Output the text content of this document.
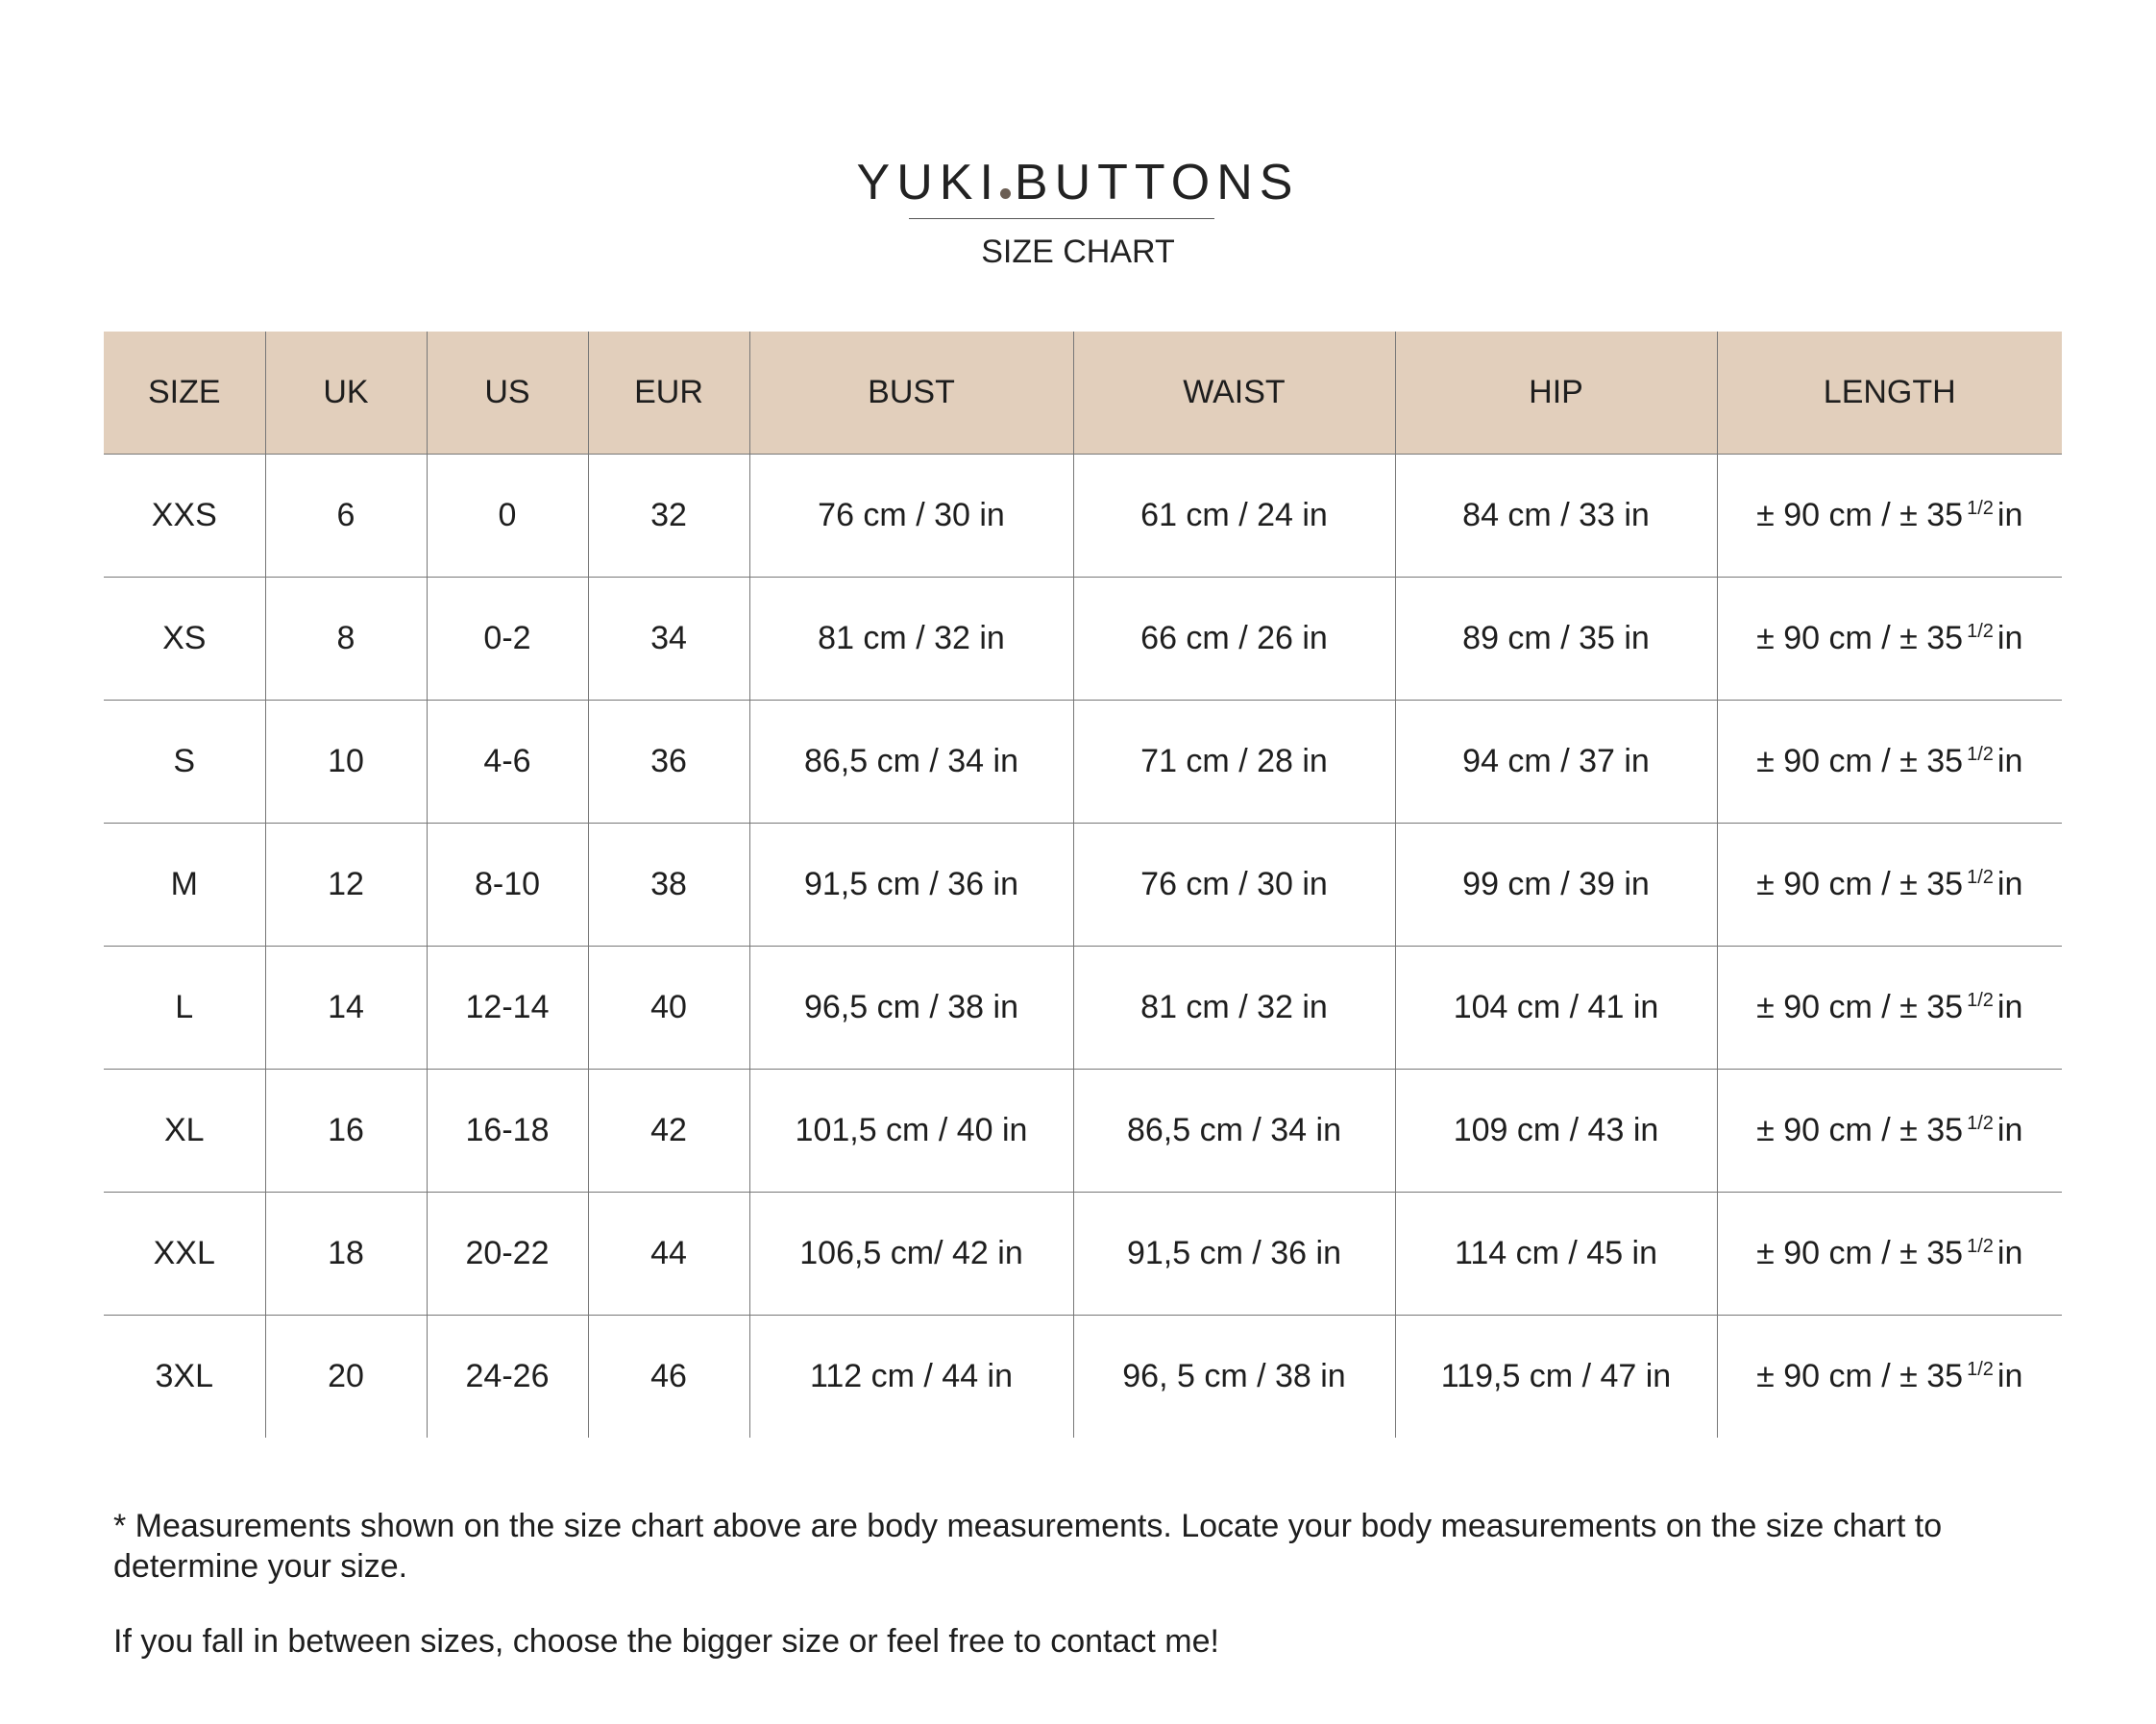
YUKI BUTTONS
SIZE CHART
SIZE	UK	US	EUR	BUST	WAIST	HIP	LENGTH
XXS	6	0	32	76 cm / 30 in	61 cm / 24 in	84 cm / 33 in	± 90 cm / ± 35 $^{1/2}$ in
XS	8	0-2	34	81 cm / 32 in	66 cm / 26 in	89 cm / 35 in	± 90 cm / ± 35 $^{1/2}$ in
S	10	4-6	36	86,5 cm / 34 in	71 cm / 28 in	94 cm / 37 in	± 90 cm / ± 35 $^{1/2}$ in
M	12	8-10	38	91,5 cm / 36 in	76 cm / 30 in	99 cm / 39 in	± 90 cm / ± 35 $^{1/2}$ in
L	14	12-14	40	96,5 cm / 38 in	81 cm / 32 in	104 cm / 41 in	± 90 cm / ± 35 $^{1/2}$ in
XL	16	16-18	42	101,5 cm / 40 in	86,5 cm / 34 in	109 cm / 43 in	± 90 cm / ± 35 $^{1/2}$ in
XXL	18	20-22	44	106,5 cm/ 42 in	91,5 cm / 36 in	114 cm / 45 in	± 90 cm / ± 35 $^{1/2}$ in
3XL	20	24-26	46	112 cm / 44 in	96, 5 cm / 38 in	119,5 cm / 47 in	± 90 cm / ± 35 $^{1/2}$ in
* Measurements shown on the size chart above are body measurements. Locate your body measurements on the size chart to determine your size.
If you fall in between sizes, choose the bigger size or feel free to contact me!
